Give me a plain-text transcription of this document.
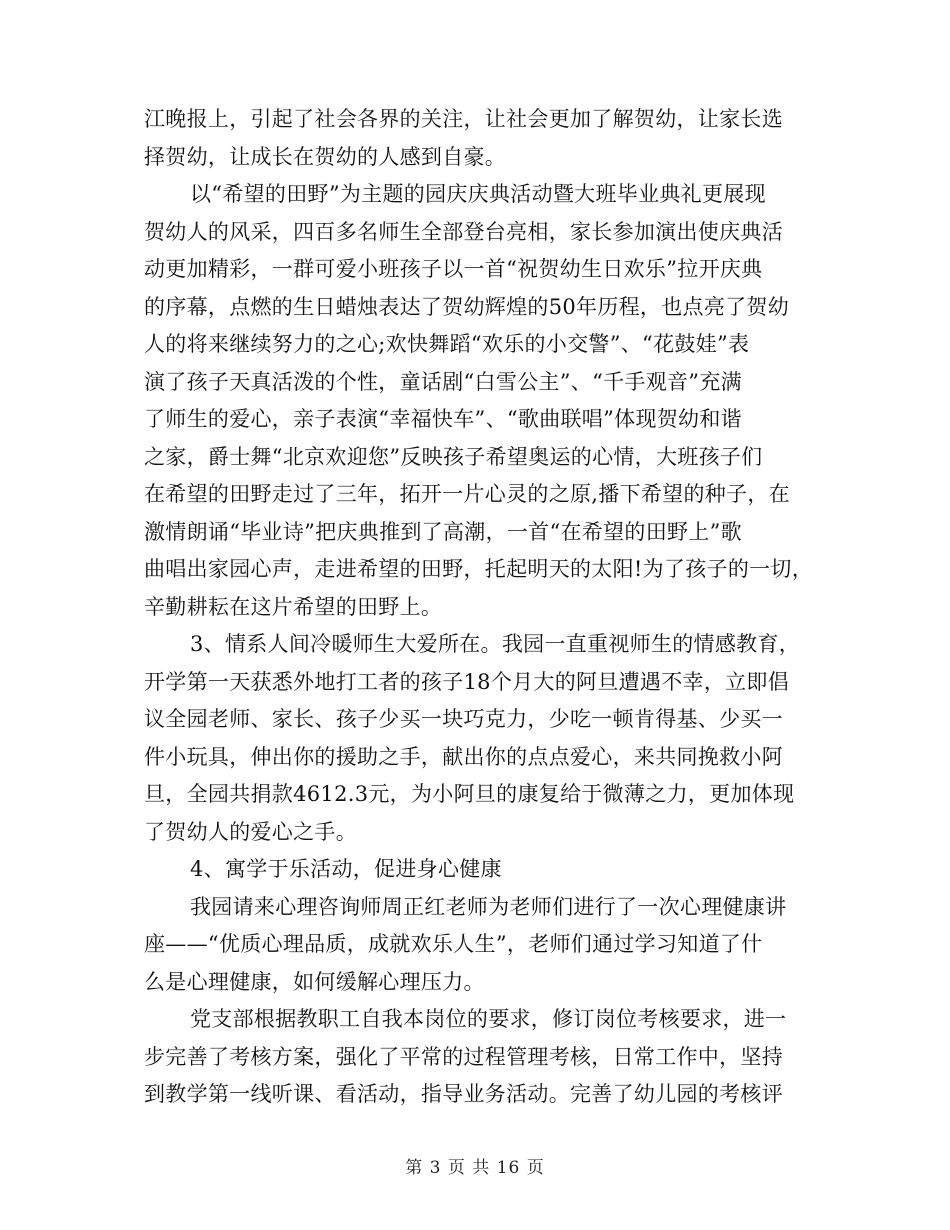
江晚报上，引起了社会各界的关注，让社会更加了解贺幼，让家长选
择贺幼，让成长在贺幼的人感到自豪。
以“希望的田野”为主题的园庆庆典活动暨大班毕业典礼更展现
贺幼人的风采，四百多名师生全部登台亮相，家长参加演出使庆典活
动更加精彩，一群可爱小班孩子以一首“祝贺幼生日欢乐”拉开庆典
的序幕，点燃的生日蜡烛表达了贺幼辉煌的50年历程，也点亮了贺幼
人的将来继续努力的之心;欢快舞蹈“欢乐的小交警”、“花鼓娃”表
演了孩子天真活泼的个性，童话剧“白雪公主”、“千手观音”充满
了师生的爱心，亲子表演“幸福快车”、“歌曲联唱”体现贺幼和谐
之家，爵士舞“北京欢迎您”反映孩子希望奥运的心情，大班孩子们
在希望的田野走过了三年，拓开一片心灵的之原,播下希望的种子，在
激情朗诵“毕业诗”把庆典推到了高潮，一首“在希望的田野上”歌
曲唱出家园心声，走进希望的田野，托起明天的太阳!为了孩子的一切，
辛勤耕耘在这片希望的田野上。
3、情系人间冷暖师生大爱所在。我园一直重视师生的情感教育，
开学第一天获悉外地打工者的孩子18个月大的阿旦遭遇不幸，立即倡
议全园老师、家长、孩子少买一块巧克力，少吃一顿肯得基、少买一
件小玩具，伸出你的援助之手，献出你的点点爱心，来共同挽救小阿
旦，全园共捐款4612.3元，为小阿旦的康复给于微薄之力，更加体现
了贺幼人的爱心之手。
4、寓学于乐活动，促进身心健康
我园请来心理咨询师周正红老师为老师们进行了一次心理健康讲
座——“优质心理品质，成就欢乐人生”，老师们通过学习知道了什
么是心理健康，如何缓解心理压力。
党支部根据教职工自我本岗位的要求，修订岗位考核要求，进一
步完善了考核方案，强化了平常的过程管理考核，日常工作中，坚持
到教学第一线听课、看活动，指导业务活动。完善了幼儿园的考核评
第 3 页 共 16 页
